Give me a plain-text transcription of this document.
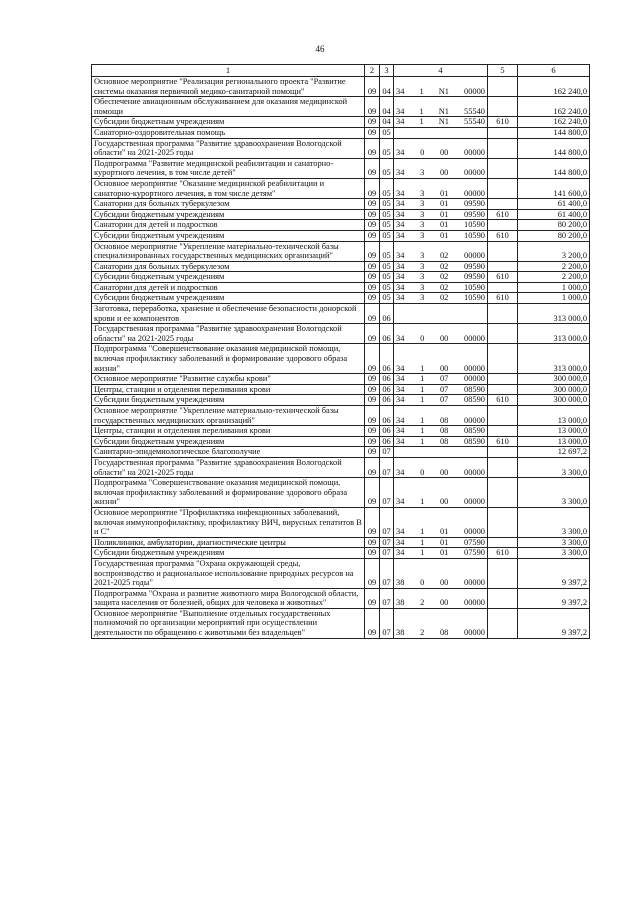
46
1	2	3	4	5	6
Основное мероприятие "Реализация регионального проекта "Развитие системы оказания первичной медико-санитарной помощи"	09	04	34 1 N1 00000		162 240,0
Обеспечение авиационным обслуживанием для оказания медицинской помощи	09	04	34 1 N1 55540		162 240,0
Субсидии бюджетным учреждениям	09	04	34 1 N1 55540	610	162 240,0
Санаторно-оздоровительная помощь	09	05			144 800,0
Государственная программа "Развитие здравоохранения Вологодской области" на 2021-2025 годы	09	05	34 0 00 00000		144 800,0
Подпрограмма "Развитие медицинской реабилитации и санаторно-курортного лечения, в том числе детей"	09	05	34 3 00 00000		144 800,0
Основное мероприятие "Оказание медицинской реабилитации и санаторно-курортного лечения, в том числе детям"	09	05	34 3 01 00000		141 600,0
Санатории для больных туберкулезом	09	05	34 3 01 09590		61 400,0
Субсидии бюджетным учреждениям	09	05	34 3 01 09590	610	61 400,0
Санатории для детей и подростков	09	05	34 3 01 10590		80 200,0
Субсидии бюджетным учреждениям	09	05	34 3 01 10590	610	80 200,0
Основное мероприятие "Укрепление материально-технической базы специализированных государственных медицинских организаций"	09	05	34 3 02 00000		3 200,0
Санатории для больных туберкулезом	09	05	34 3 02 09590		2 200,0
Субсидии бюджетным учреждениям	09	05	34 3 02 09590	610	2 200,0
Санатории для детей и подростков	09	05	34 3 02 10590		1 000,0
Субсидии бюджетным учреждениям	09	05	34 3 02 10590	610	1 000,0
Заготовка, переработка, хранение и обеспечение безопасности донорской крови и ее компонентов	09	06			313 000,0
Государственная программа "Развитие здравоохранения Вологодской области" на 2021-2025 годы	09	06	34 0 00 00000		313 000,0
Подпрограмма "Совершенствование оказания медицинской помощи, включая профилактику заболеваний и формирование здорового образа жизни"	09	06	34 1 00 00000		313 000,0
Основное мероприятие "Развитие службы крови"	09	06	34 1 07 00000		300 000,0
Центры, станции и отделения переливания крови	09	06	34 1 07 08590		300 000,0
Субсидии бюджетным учреждениям	09	06	34 1 07 08590	610	300 000,0
Основное мероприятие "Укрепление материально-технической базы государственных медицинских организаций"	09	06	34 1 08 00000		13 000,0
Центры, станции и отделения переливания крови	09	06	34 1 08 08590		13 000,0
Субсидии бюджетным учреждениям	09	06	34 1 08 08590	610	13 000,0
Санитарно-эпидемиологическое благополучие	09	07			12 697,2
Государственная программа "Развитие здравоохранения Вологодской области" на 2021-2025 годы	09	07	34 0 00 00000		3 300,0
Подпрограмма "Совершенствование оказания медицинской помощи, включая профилактику заболеваний и формирование здорового образа жизни"	09	07	34 1 00 00000		3 300,0
Основное мероприятие "Профилактика инфекционных заболеваний, включая иммунопрофилактику, профилактику ВИЧ, вирусных гепатитов В и С"	09	07	34 1 01 00000		3 300,0
Поликлиники, амбулатории, диагностические центры	09	07	34 1 01 07590		3 300,0
Субсидии бюджетным учреждениям	09	07	34 1 01 07590	610	3 300,0
Государственная программа "Охрана окружающей среды, воспроизводство и рациональное использование природных ресурсов на 2021-2025 годы"	09	07	38 0 00 00000		9 397,2
Подпрограмма "Охрана и развитие животного мира Вологодской области, защита населения от болезней, общих для человека и животных"	09	07	38 2 00 00000		9 397,2
Основное мероприятие "Выполнение отдельных государственных полномочий по организации мероприятий при осуществлении деятельности по обращению с животными без владельцев"	09	07	38 2 08 00000		9 397,2
